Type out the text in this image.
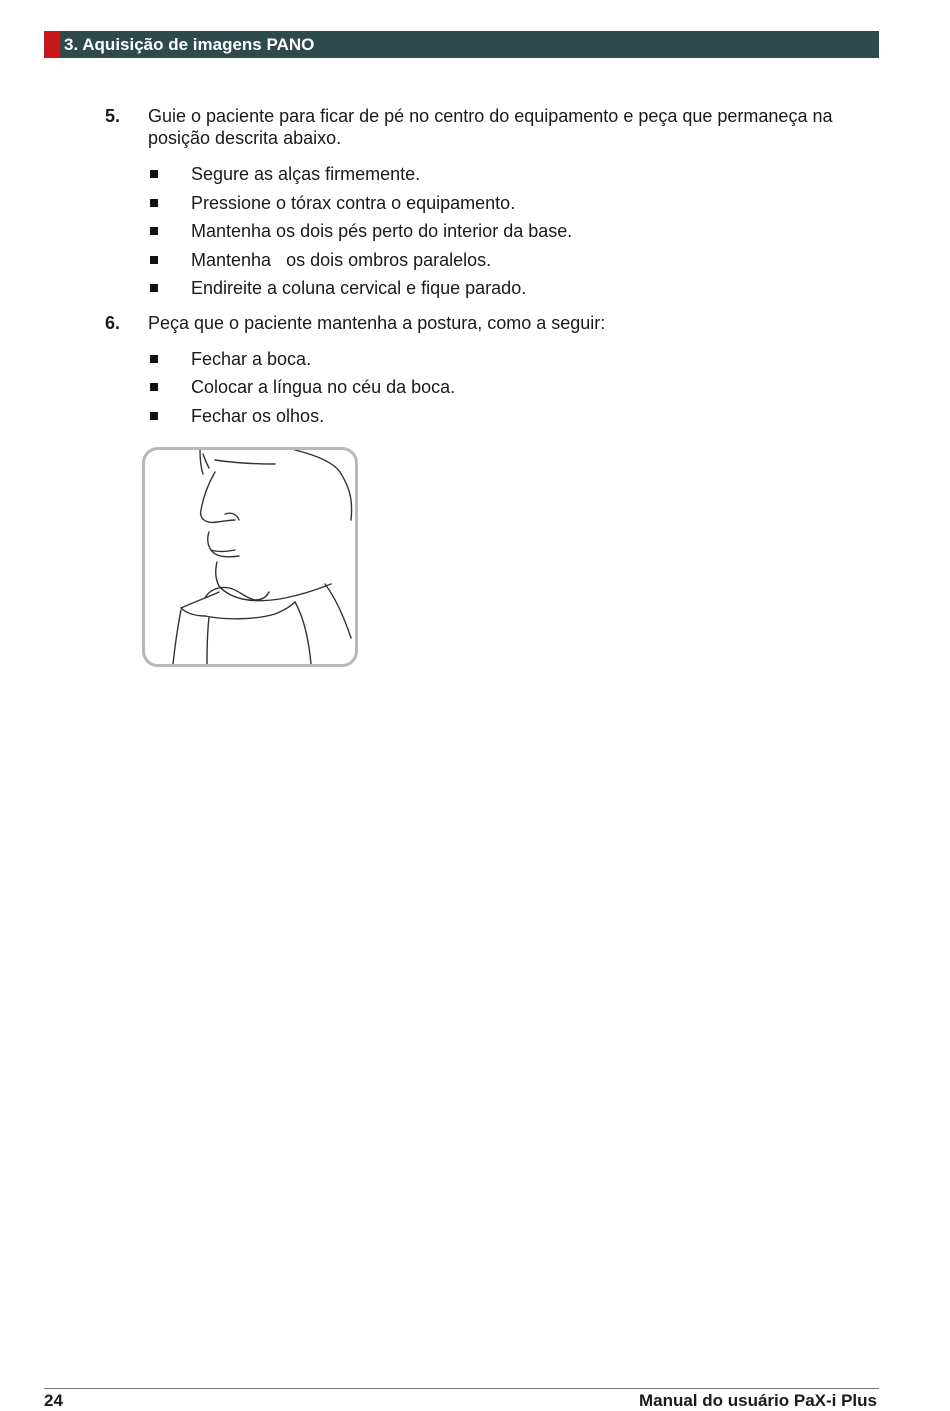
3. Aquisição de imagens PANO
5. Guie o paciente para ficar de pé no centro do equipamento e peça que permaneça na posição descrita abaixo.
Segure as alças firmemente.
Pressione o tórax contra o equipamento.
Mantenha os dois pés perto do interior da base.
Mantenha   os dois ombros paralelos.
Endireite a coluna cervical e fique parado.
6. Peça que o paciente mantenha a postura, como a seguir:
Fechar a boca.
Colocar a língua no céu da boca.
Fechar os olhos.
24	Manual do usuário PaX-i Plus
